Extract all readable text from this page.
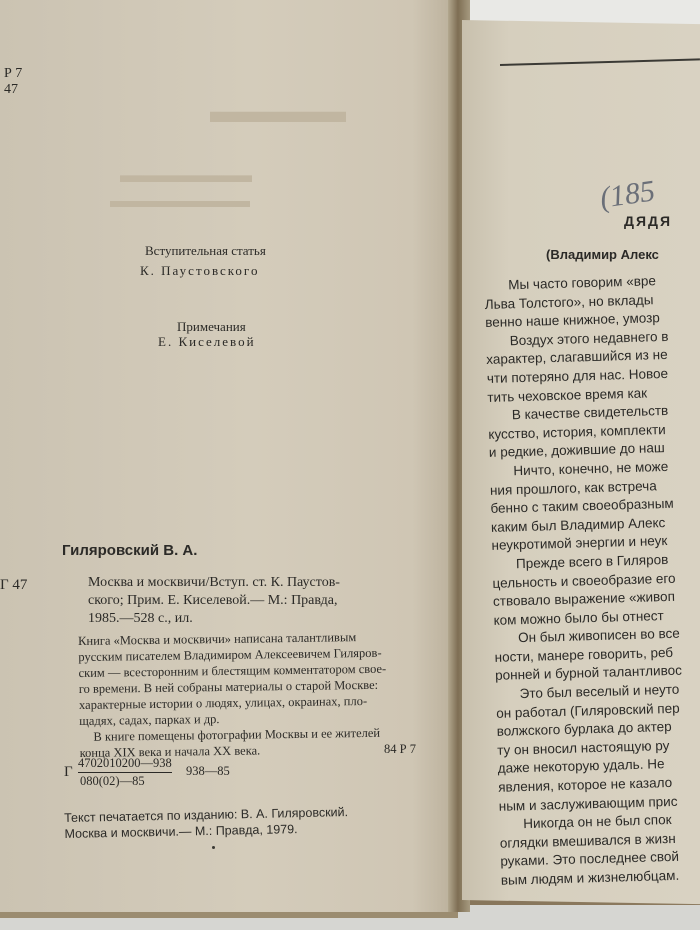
▬▬▬▬
▬▬▬▬▬▬
▬▬▬▬▬▬▬
Р 7
47
Вступительная статья
К. Паустовского
Примечания
Е. Киселевой
Г 47
Гиляровский В. А.
Москва и москвичи/Вступ. ст. К. Паустов-
ского; Прим. Е. Киселевой.— М.: Правда,
1985.—528 с., ил.
Книга «Москва и москвичи» написана талантливым
русским писателем Владимиром Алексеевичем Гиляров-
ским — всесторонним и блестящим комментатором свое-
го времени. В ней собраны материалы о старой Москве:
характерные истории о людях, улицах, окраинах, пло-
щадях, садах, парках и др.
В книге помещены фотографии Москвы и ее жителей
конца XIX века и начала XX века.	84 Р 7
Г
4702010200—938
080(02)—85
938—85
Текст печатается по изданию: В. А. Гиляровский.
Москва и москвичи.— М.: Правда, 1979.
(185
ДЯДЯ
(Владимир Алекс
Мы часто говорим «вре
Льва Толстого», но вклады
венно наше книжное, умозр
Воздух этого недавнего в
характер, слагавшийся из не
чти потеряно для нас. Новое
тить чеховское время как
В качестве свидетельств
кусство, история, комплекти
и редкие, дожившие до наш
Ничто, конечно, не може
ния прошлого, как встреча
бенно с таким своеобразным
каким был Владимир Алекс
неукротимой энергии и неук
Прежде всего в Гиляров
цельность и своеобразие его
ствовало выражение «живоп
ком можно было бы отнест
Он был живописен во все
ности, манере говорить, реб
ронней и бурной талантливос
Это был веселый и неуто
он работал (Гиляровский пер
волжского бурлака до актер
ту он вносил настоящую ру
даже некоторую удаль. Не
явления, которое не казало
ным и заслуживающим прис
Никогда он не был спок
оглядки вмешивался в жизн
руками. Это последнее свой
вым людям и жизнелюбцам.
